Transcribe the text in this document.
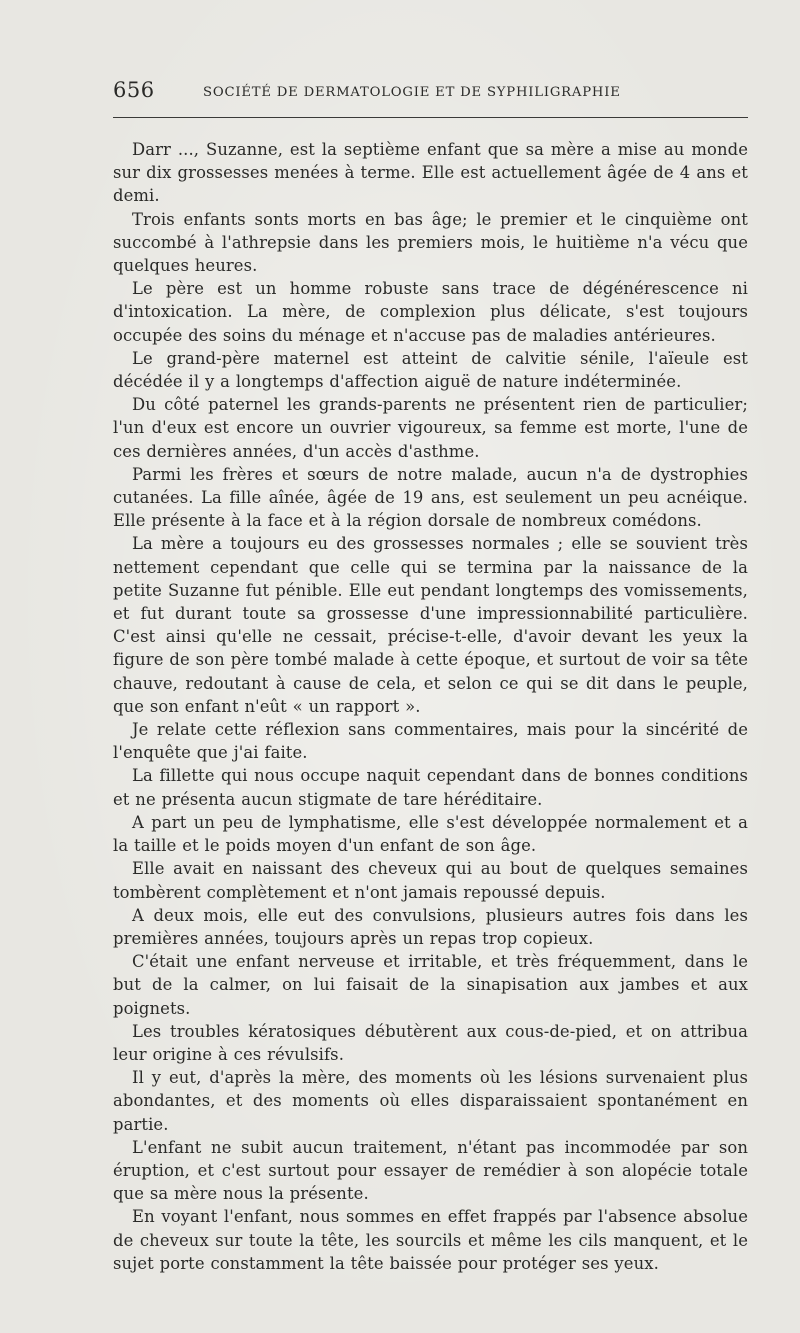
656	SOCIÉTÉ DE DERMATOLOGIE ET DE SYPHILIGRAPHIE

Darr ..., Suzanne, est la septième enfant que sa mère a mise au monde sur dix grossesses menées à terme. Elle est actuellement âgée de 4 ans et demi.

Trois enfants sonts morts en bas âge; le premier et le cinquième ont succombé à l'athrepsie dans les premiers mois, le huitième n'a vécu que quelques heures.

Le père est un homme robuste sans trace de dégénérescence ni d'intoxication. La mère, de complexion plus délicate, s'est toujours occupée des soins du ménage et n'accuse pas de maladies antérieures.

Le grand-père maternel est atteint de calvitie sénile, l'aïeule est décédée il y a longtemps d'affection aiguë de nature indéterminée.

Du côté paternel les grands-parents ne présentent rien de particulier; l'un d'eux est encore un ouvrier vigoureux, sa femme est morte, l'une de ces dernières années, d'un accès d'asthme.

Parmi les frères et sœurs de notre malade, aucun n'a de dystrophies cutanées. La fille aînée, âgée de 19 ans, est seulement un peu acnéique. Elle présente à la face et à la région dorsale de nombreux comédons.

La mère a toujours eu des grossesses normales ; elle se souvient très nettement cependant que celle qui se termina par la naissance de la petite Suzanne fut pénible. Elle eut pendant longtemps des vomissements, et fut durant toute sa grossesse d'une impressionnabilité particulière. C'est ainsi qu'elle ne cessait, précise-t-elle, d'avoir devant les yeux la figure de son père tombé malade à cette époque, et surtout de voir sa tête chauve, redoutant à cause de cela, et selon ce qui se dit dans le peuple, que son enfant n'eût « un rapport ».

Je relate cette réflexion sans commentaires, mais pour la sincérité de l'enquête que j'ai faite.

La fillette qui nous occupe naquit cependant dans de bonnes conditions et ne présenta aucun stigmate de tare héréditaire.

A part un peu de lymphatisme, elle s'est développée normalement et a la taille et le poids moyen d'un enfant de son âge.

Elle avait en naissant des cheveux qui au bout de quelques semaines tombèrent complètement et n'ont jamais repoussé depuis.

A deux mois, elle eut des convulsions, plusieurs autres fois dans les premières années, toujours après un repas trop copieux.

C'était une enfant nerveuse et irritable, et très fréquemment, dans le but de la calmer, on lui faisait de la sinapisation aux jambes et aux poignets.

Les troubles kératosiques débutèrent aux cous-de-pied, et on attribua leur origine à ces révulsifs.

Il y eut, d'après la mère, des moments où les lésions survenaient plus abondantes, et des moments où elles disparaissaient spontanément en partie.

L'enfant ne subit aucun traitement, n'étant pas incommodée par son éruption, et c'est surtout pour essayer de remédier à son alopécie totale que sa mère nous la présente.

En voyant l'enfant, nous sommes en effet frappés par l'absence absolue de cheveux sur toute la tête, les sourcils et même les cils manquent, et le sujet porte constamment la tête baissée pour protéger ses yeux.
